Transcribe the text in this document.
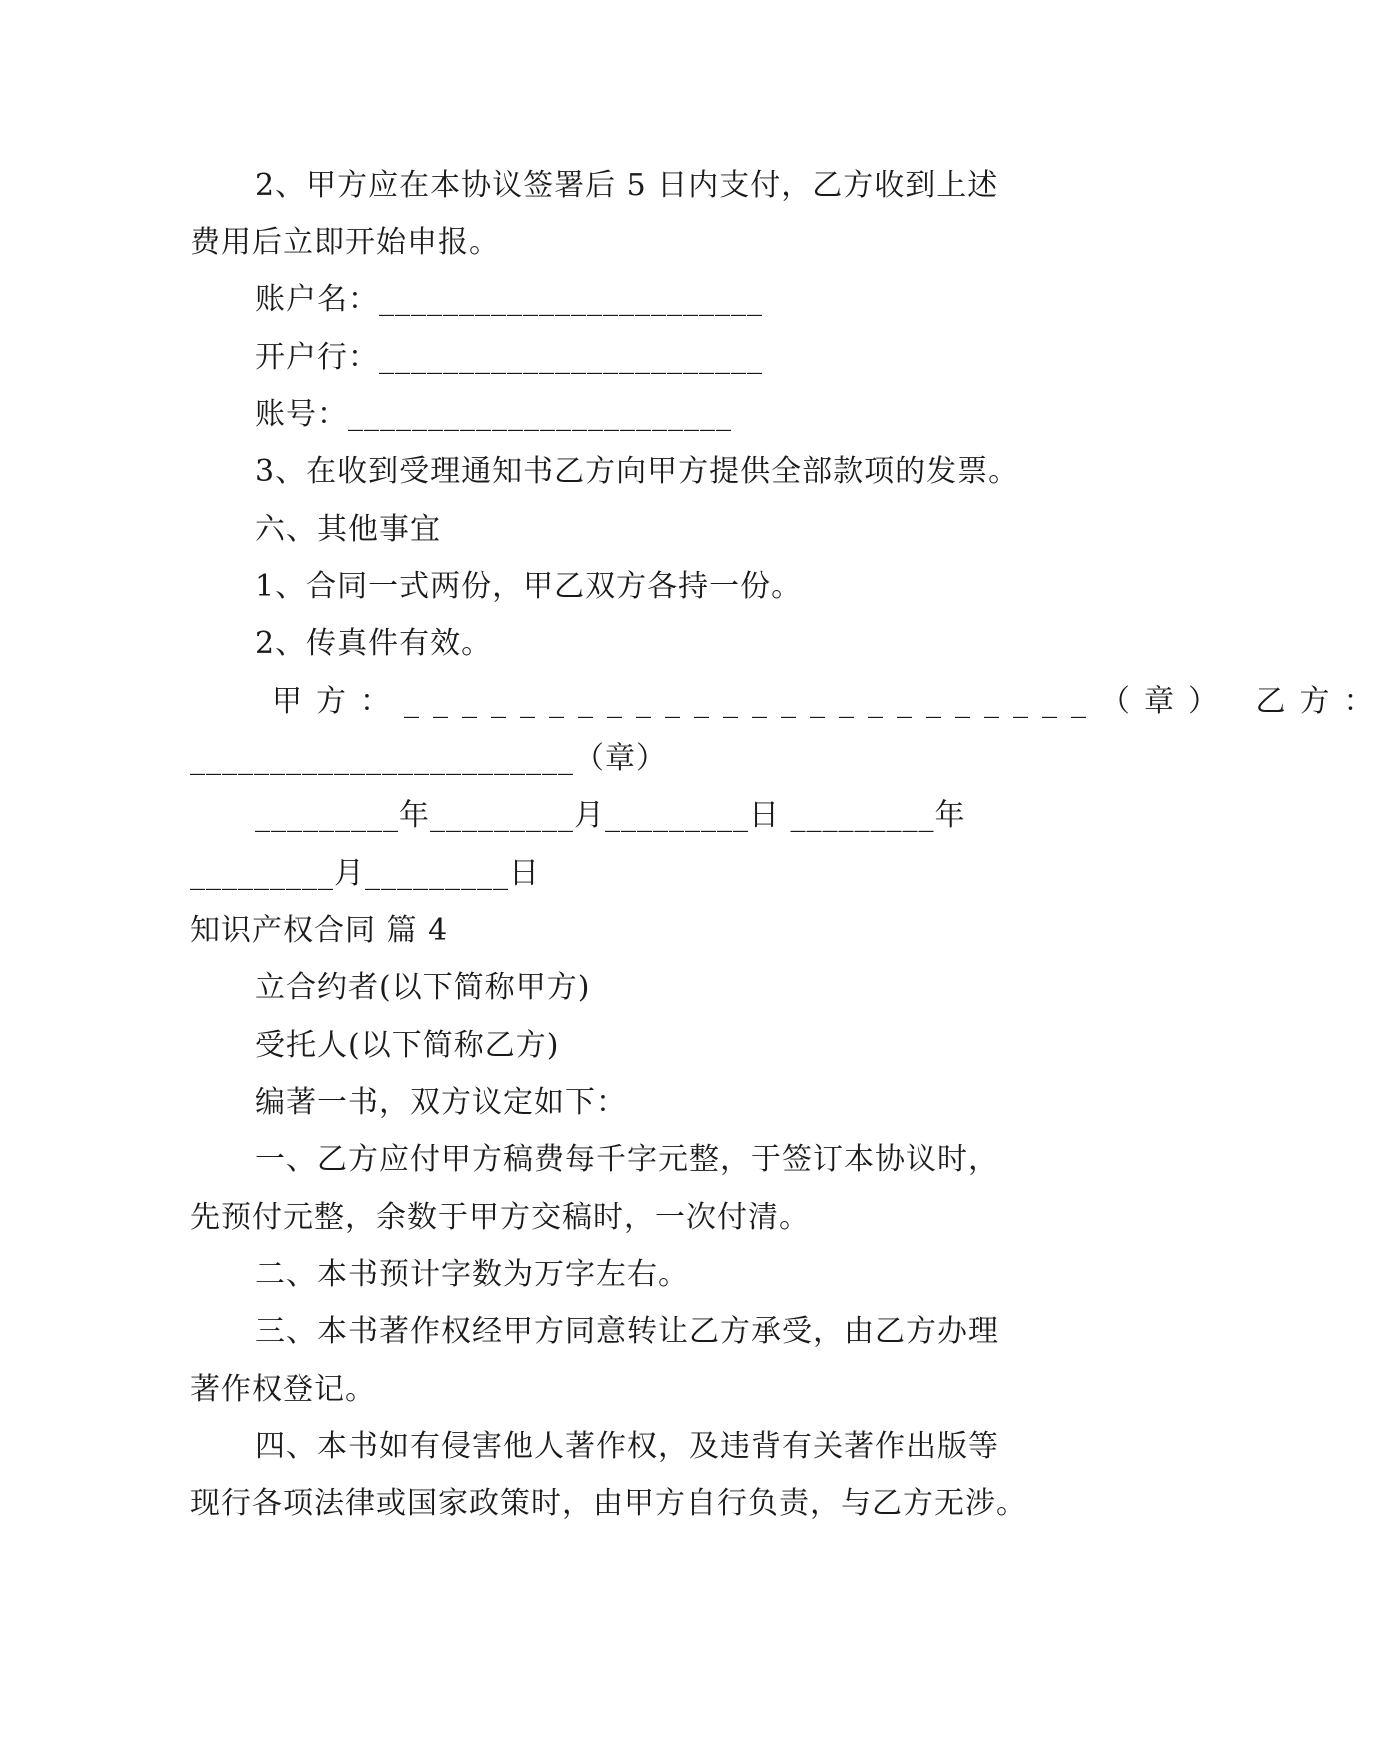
2、甲方应在本协议签署后 5 日内支付，乙方收到上述
费用后立即开始申报。
账户名：________________________
开户行：________________________
账号：________________________
3、在收到受理通知书乙方向甲方提供全部款项的发票。
六、其他事宜
1、合同一式两份，甲乙双方各持一份。
2、传真件有效。
甲方：________________________（章） 乙方：
________________________（章）
_________年_________月_________日 _________年
_________月_________日
知识产权合同 篇 4
立合约者(以下简称甲方)
受托人(以下简称乙方)
编著一书，双方议定如下：
一、乙方应付甲方稿费每千字元整，于签订本协议时，
先预付元整，余数于甲方交稿时，一次付清。
二、本书预计字数为万字左右。
三、本书著作权经甲方同意转让乙方承受，由乙方办理
著作权登记。
四、本书如有侵害他人著作权，及违背有关著作出版等
现行各项法律或国家政策时，由甲方自行负责，与乙方无涉。
